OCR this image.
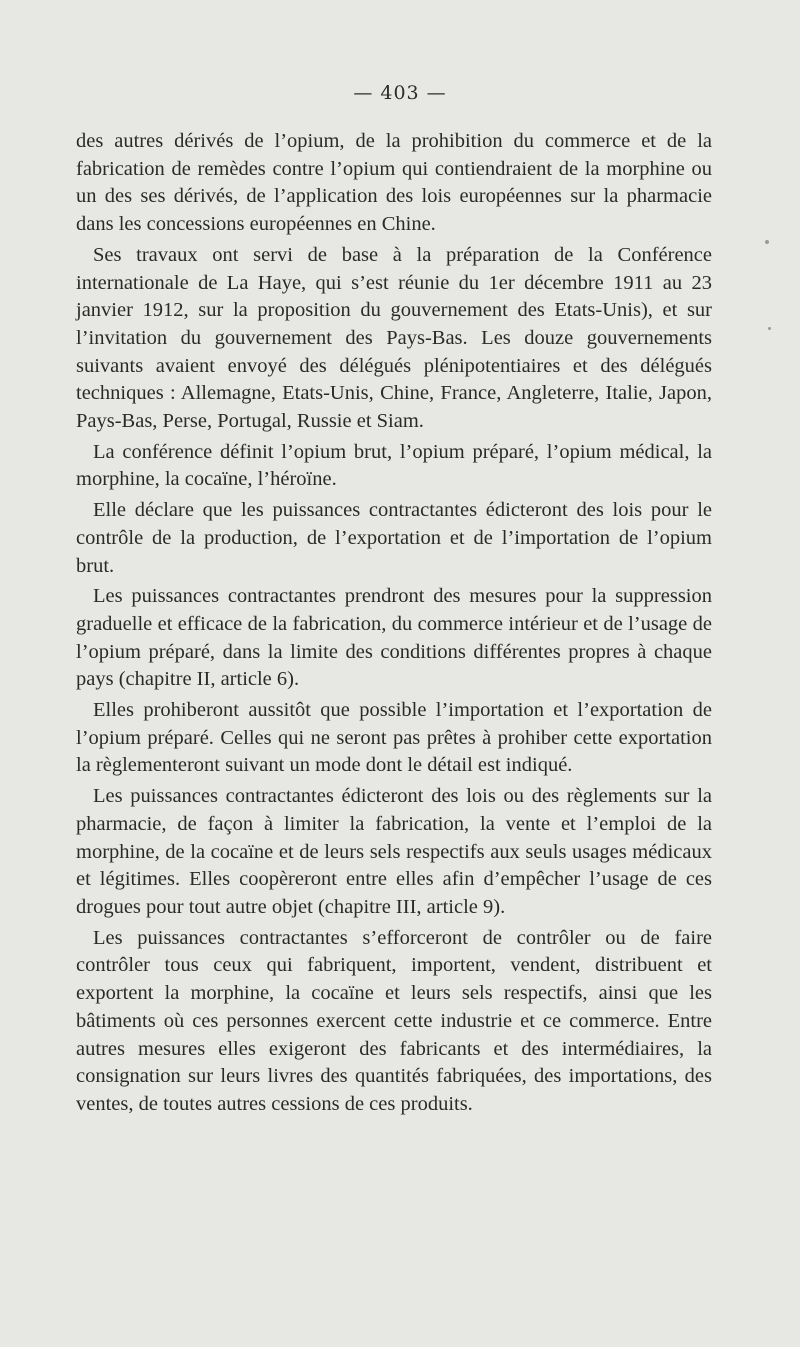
— 403 —

des autres dérivés de l’opium, de la prohibition du commerce et de la fabrication de remèdes contre l’opium qui contiendraient de la morphine ou un des ses dérivés, de l’application des lois européennes sur la pharmacie dans les concessions européennes en Chine.

Ses travaux ont servi de base à la préparation de la Conférence internationale de La Haye, qui s’est réunie du 1er décembre 1911 au 23 janvier 1912, sur la proposition du gouvernement des Etats-Unis), et sur l’invitation du gouvernement des Pays-Bas. Les douze gouvernements suivants avaient envoyé des délégués plénipotentiaires et des délégués techniques : Allemagne, Etats-Unis, Chine, France, Angleterre, Italie, Japon, Pays-Bas, Perse, Portugal, Russie et Siam.

La conférence définit l’opium brut, l’opium préparé, l’opium médical, la morphine, la cocaïne, l’héroïne.

Elle déclare que les puissances contractantes édicteront des lois pour le contrôle de la production, de l’exportation et de l’importation de l’opium brut.

Les puissances contractantes prendront des mesures pour la suppression graduelle et efficace de la fabrication, du commerce intérieur et de l’usage de l’opium préparé, dans la limite des conditions différentes propres à chaque pays (chapitre II, article 6).

Elles prohiberont aussitôt que possible l’importation et l’exportation de l’opium préparé. Celles qui ne seront pas prêtes à prohiber cette exportation la règlementeront suivant un mode dont le détail est indiqué.

Les puissances contractantes édicteront des lois ou des règlements sur la pharmacie, de façon à limiter la fabrication, la vente et l’emploi de la morphine, de la cocaïne et de leurs sels respectifs aux seuls usages médicaux et légitimes. Elles coopèreront entre elles afin d’empêcher l’usage de ces drogues pour tout autre objet (chapitre III, article 9).

Les puissances contractantes s’efforceront de contrôler ou de faire contrôler tous ceux qui fabriquent, importent, vendent, distribuent et exportent la morphine, la cocaïne et leurs sels respectifs, ainsi que les bâtiments où ces personnes exercent cette industrie et ce commerce. Entre autres mesures elles exigeront des fabricants et des intermédiaires, la consignation sur leurs livres des quantités fabriquées, des importations, des ventes, de toutes autres cessions de ces produits.
